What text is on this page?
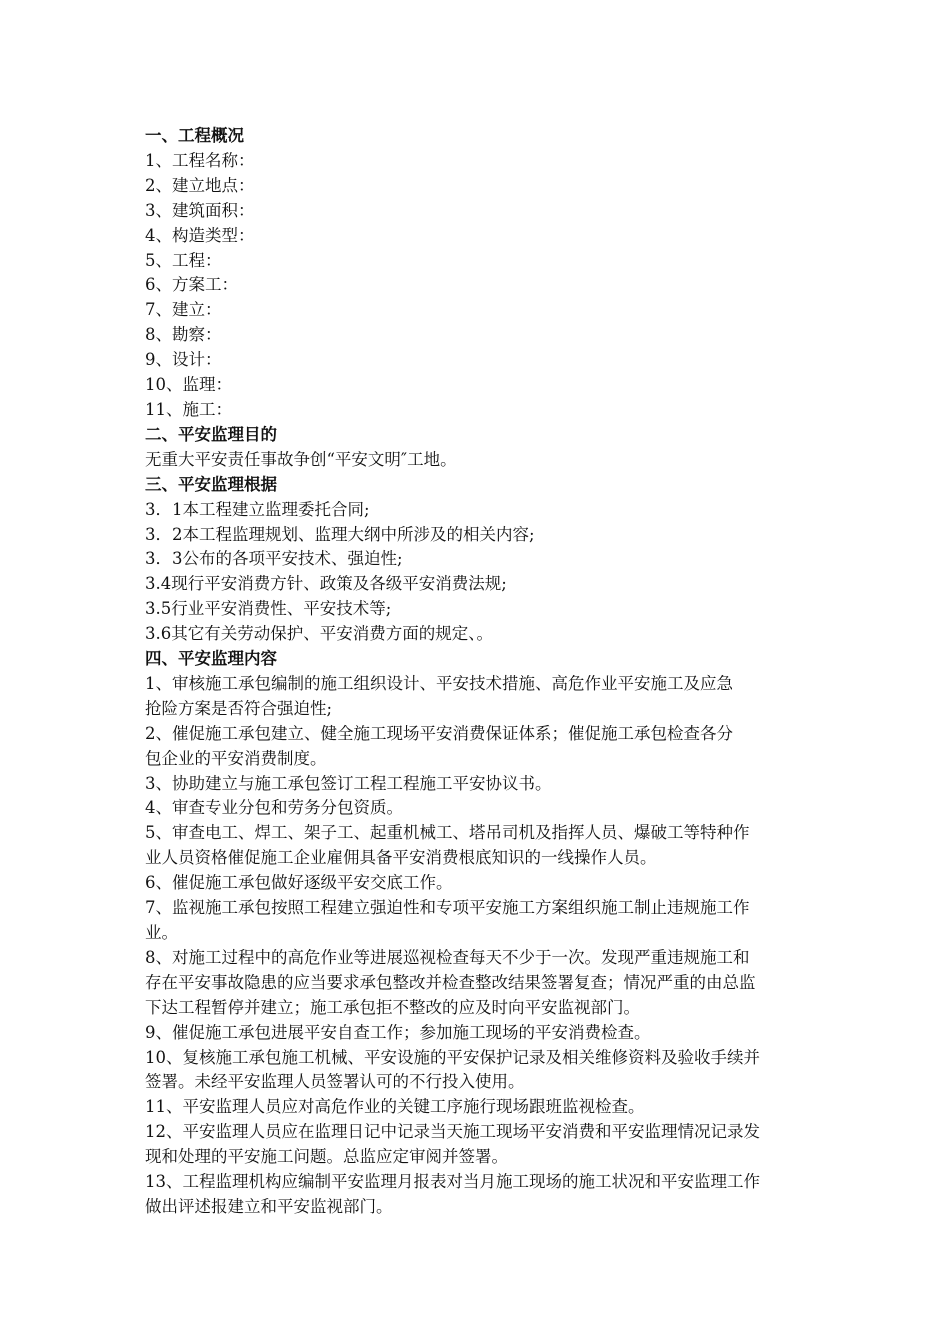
一、工程概况
1、工程名称：
2、建立地点：
3、建筑面积：
4、构造类型：
5、工程：
6、方案工：
7、建立：
8、勘察：
9、设计：
10、监理：
11、施工：
二、平安监理目的
无重大平安责任事故争创“平安文明″工地。
三、平安监理根据
3．1本工程建立监理委托合同;
3．2本工程监理规划、监理大纲中所涉及的相关内容;
3．3公布的各项平安技术、强迫性;
3.4现行平安消费方针、政策及各级平安消费法规;
3.5行业平安消费性、平安技术等;
3.6其它有关劳动保护、平安消费方面的规定、。
四、平安监理内容
1、审核施工承包编制的施工组织设计、平安技术措施、高危作业平安施工及应急
抢险方案是否符合强迫性;
2、催促施工承包建立、健全施工现场平安消费保证体系；催促施工承包检查各分
包企业的平安消费制度。
3、协助建立与施工承包签订工程工程施工平安协议书。
4、审查专业分包和劳务分包资质。
5、审查电工、焊工、架子工、起重机械工、塔吊司机及指挥人员、爆破工等特种作
业人员资格催促施工企业雇佣具备平安消费根底知识的一线操作人员。
6、催促施工承包做好逐级平安交底工作。
7、监视施工承包按照工程建立强迫性和专项平安施工方案组织施工制止违规施工作
业。
8、对施工过程中的高危作业等进展巡视检查每天不少于一次。发现严重违规施工和
存在平安事故隐患的应当要求承包整改并检查整改结果签署复查；情况严重的由总监
下达工程暂停并建立；施工承包拒不整改的应及时向平安监视部门。
9、催促施工承包进展平安自查工作；参加施工现场的平安消费检查。
10、复核施工承包施工机械、平安设施的平安保护记录及相关维修资料及验收手续并
签署。未经平安监理人员签署认可的不行投入使用。
11、平安监理人员应对高危作业的关键工序施行现场跟班监视检查。
12、平安监理人员应在监理日记中记录当天施工现场平安消费和平安监理情况记录发
现和处理的平安施工问题。总监应定审阅并签署。
13、工程监理机构应编制平安监理月报表对当月施工现场的施工状况和平安监理工作
做出评述报建立和平安监视部门。
